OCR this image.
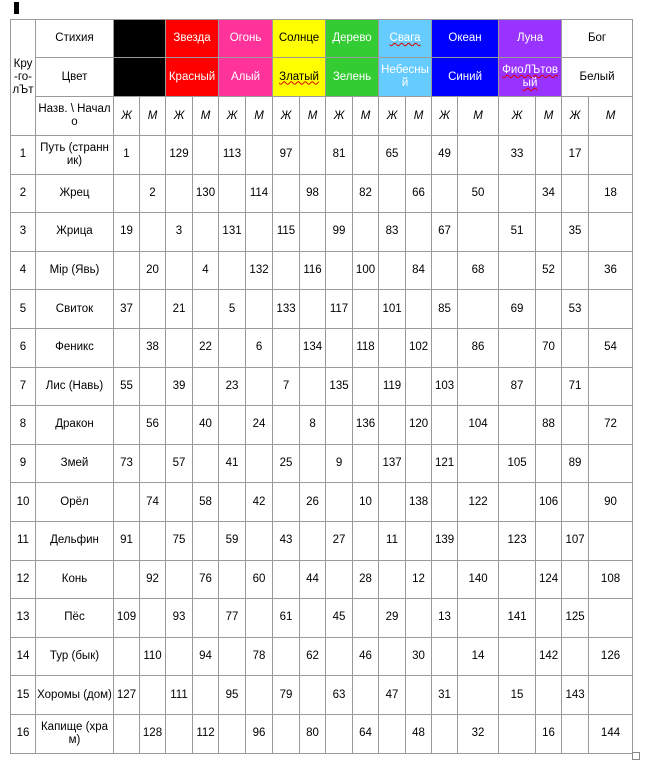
Кру-го-лЪт	Стихия			Звезда		Огонь		Солнце		Дерево		Свага		Океан		Луна		Бог	
	Цвет			Красный		Алый		Златый		Зелень		Небесный		Синий		ФиоЛЪтовый		Белый	
	Назв. \ Начало	Ж	М	Ж	М	Ж	М	Ж	М	Ж	М	Ж	М	Ж	М	Ж	М	Ж	М
1	Путь (странник)	1		129		113		97		81		65		49		33		17	
2	Жрец		2		130		114		98		82		66		50		34		18
3	Жрица	19		3		131		115		99		83		67		51		35	
4	Мiр (Явь)		20		4		132		116		100		84		68		52		36
5	Свиток	37		21		5		133		117		101		85		69		53	
6	Феникс		38		22		6		134		118		102		86		70		54
7	Лис (Навь)	55		39		23		7		135		119		103		87		71	
8	Дракон		56		40		24		8		136		120		104		88		72
9	Змей	73		57		41		25		9		137		121		105		89	
10	Орёл		74		58		42		26		10		138		122		106		90
11	Дельфин	91		75		59		43		27		11		139		123		107	
12	Конь		92		76		60		44		28		12		140		124		108
13	Пёс	109		93		77		61		45		29		13		141		125	
14	Тур (бык)		110		94		78		62		46		30		14		142		126
15	Хоромы (дом)	127		111		95		79		63		47		31		15		143	
16	Капище (храм)		128		112		96		80		64		48		32		16		144
